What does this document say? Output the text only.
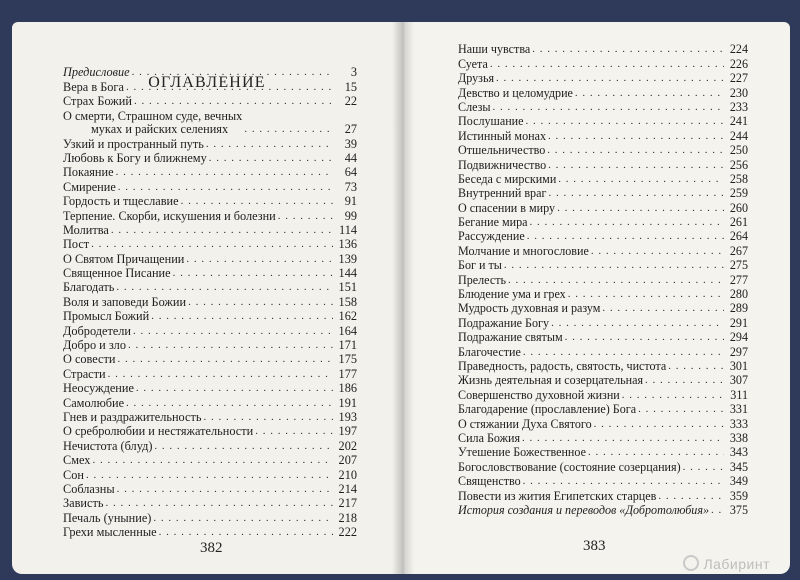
ОГЛАВЛЕНИЕ
Предисловие . . .	3
Вера в Бога . . .	15
Страх Божий . . .	22
О смерти, Страшном суде, вечных
муках и райских селениях . . .	27
Узкий и пространный путь . . .	39
Любовь к Богу и ближнему . . .	44
Покаяние . . .	64
Смирение . . .	73
Гордость и тщеславие . . .	91
Терпение. Скорби, искушения и болезни . . .	99
Молитва . . .	114
Пост . . .	136
О Святом Причащении . . .	139
Священное Писание . . .	144
Благодать . . .	151
Воля и заповеди Божии . . .	158
Промысл Божий . . .	162
Добродетели . . .	164
Добро и зло . . .	171
О совести . . .	175
Страсти . . .	177
Неосуждение . . .	186
Самолюбие . . .	191
Гнев и раздражительность . . .	193
О сребролюбии и нестяжательности . . .	197
Нечистота (блуд) . . .	202
Смех . . .	207
Сон . . .	210
Соблазны . . .	214
Зависть . . .	217
Печаль (уныние) . . .	218
Грехи мысленные . . .	222
Наши чувства . . .	224
Суета . . .	226
Друзья . . .	227
Девство и целомудрие . . .	230
Слезы . . .	233
Послушание . . .	241
Истинный монах . . .	244
Отшельничество . . .	250
Подвижничество . . .	256
Беседа с мирскими . . .	258
Внутренний враг . . .	259
О спасении в миру . . .	260
Бегание мира . . .	261
Рассуждение . . .	264
Молчание и многословие . . .	267
Бог и ты . . .	275
Прелесть . . .	277
Блюдение ума и грех . . .	280
Мудрость духовная и разум . . .	289
Подражание Богу . . .	291
Подражание святым . . .	294
Благочестие . . .	297
Праведность, радость, святость, чистота . . .	301
Жизнь деятельная и созерцательная . . .	307
Совершенство духовной жизни . . .	311
Благодарение (прославление) Бога . . .	331
О стяжании Духа Святого . . .	333
Сила Божия . . .	338
Утешение Божественное . . .	343
Богословствование (состояние созерцания) . . .	345
Священство . . .	349
Повести из жития Египетских старцев . . .	359
История создания и переводов «Добротолюбия» . . .	375
382	383
Лабиринт
